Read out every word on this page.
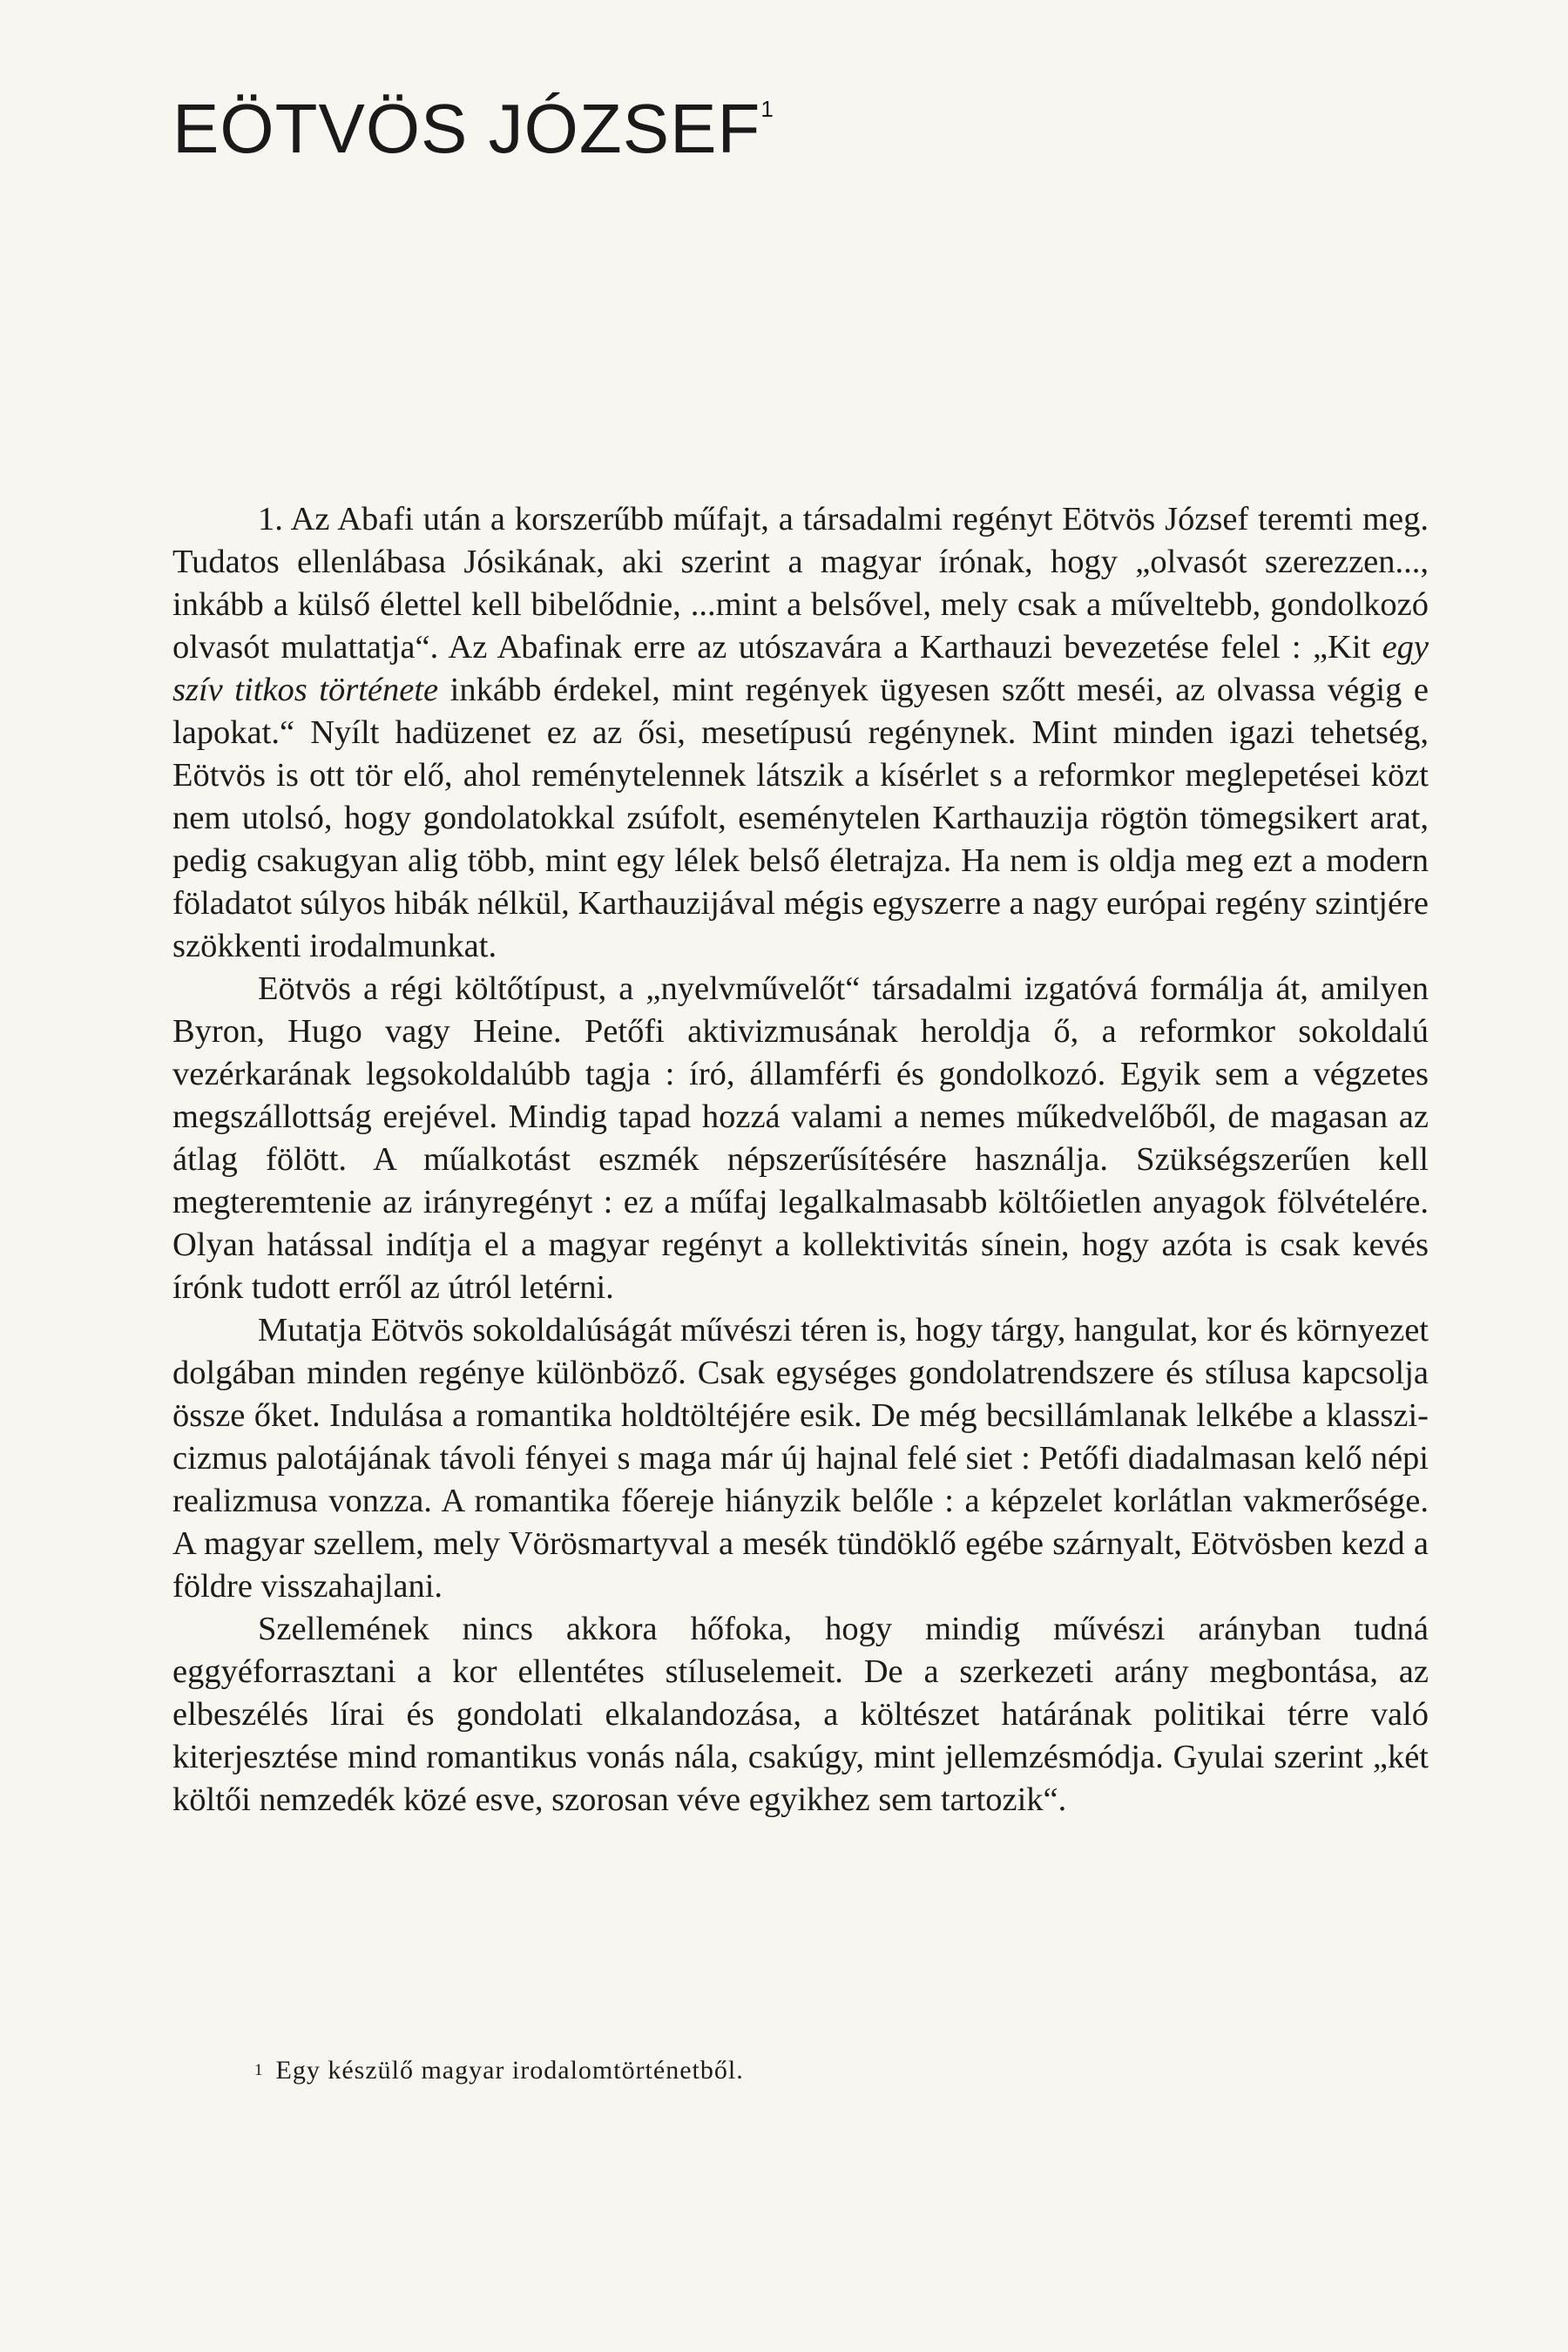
EÖTVÖS JÓZSEF$^1$

1. Az Abafi után a korszerűbb műfajt, a társadalmi regényt Eötvös József teremti meg. Tudatos ellenlábasa Jósikának, aki szerint a magyar írónak, hogy „olvasót szerezzen..., inkább a külső élettel kell bibelődnie, ...mint a belsővel, mely csak a műveltebb, gondolkozó olvasót mulattatja“. Az Abafinak erre az utószavára a Karthauzi bevezetése felel : „Kit egy szív titkos története inkább érdekel, mint regények ügyesen szőtt meséi, az olvassa végig e lapokat.“ Nyílt hadüzenet ez az ősi, mesetípusú regénynek. Mint minden igazi tehetség, Eötvös is ott tör elő, ahol reménytelennek látszik a kísérlet s a reformkor meglepetései közt nem utolsó, hogy gondolatokkal zsúfolt, eseménytelen Karthauzija rögtön tömegsikert arat, pedig csakugyan alig több, mint egy lélek belső életrajza. Ha nem is oldja meg ezt a modern föladatot súlyos hibák nélkül, Karthauzijával mégis egyszerre a nagy európai regény szintjére szökkenti irodalmunkat.

Eötvös a régi költőtípust, a „nyelvművelőt“ társadalmi izgatóvá formálja át, amilyen Byron, Hugo vagy Heine. Petőfi aktivizmusának heroldja ő, a reformkor sokoldalú vezérkarának legsokoldalúbb tagja : író, államférfi és gondolkozó. Egyik sem a végzetes megszállottság erejével. Mindig tapad hozzá valami a nemes műkedvelőből, de magasan az átlag fölött. A műalkotást eszmék népszerűsítésére használja. Szükségszerűen kell megteremtenie az irányregényt : ez a műfaj legalkalmasabb költőietlen anyagok fölvételére. Olyan hatással indítja el a magyar regényt a kollektivitás sínein, hogy azóta is csak kevés írónk tudott erről az útról letérni.

Mutatja Eötvös sokoldalúságát művészi téren is, hogy tárgy, hangulat, kor és környezet dolgában minden regénye különböző. Csak egységes gondolatrendszere és stílusa kapcsolja össze őket. Indulása a romantika holdtöltéjére esik. De még becsillámlanak lelkébe a klasszicizmus palotájának távoli fényei s maga már új hajnal felé siet : Petőfi diadalmasan kelő népi realizmusa vonzza. A romantika főereje hiányzik belőle : a képzelet korlátlan vakmerősége. A magyar szellem, mely Vörösmartyval a mesék tündöklő egébe szárnyalt, Eötvösben kezd a földre visszahajlani.

Szellemének nincs akkora hőfoka, hogy mindig művészi arányban tudná eggyéforrasztani a kor ellentétes stíluselemeit. De a szerkezeti arány megbontása, az elbeszélés lírai és gondolati elkalandozása, a költészet határának politikai térre való kiterjesztése mind romantikus vonás nála, csakúgy, mint jellemzésmódja. Gyulai szerint „két költői nemzedék közé esve, szorosan véve egyikhez sem tartozik“.

$^1$ Egy készülő magyar irodalomtörténetből.
